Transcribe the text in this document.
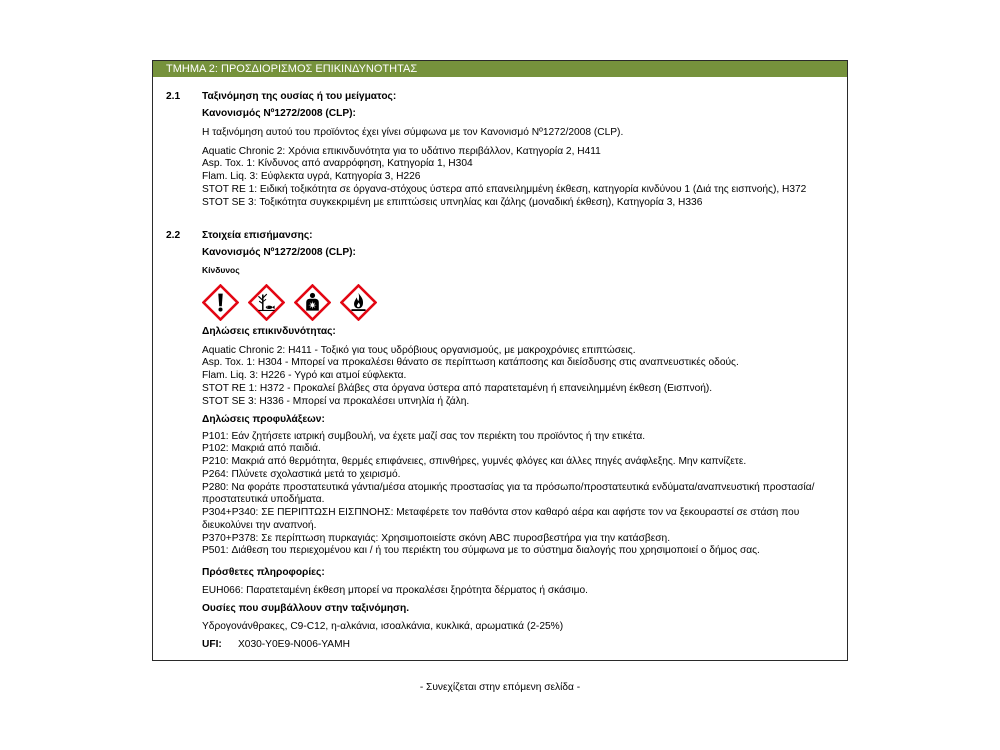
ΤΜΗΜΑ 2: ΠΡΟΣΔΙΟΡΙΣΜΟΣ ΕΠΙΚΙΝΔΥΝΟΤΗΤΑΣ
2.1 Ταξινόμηση της ουσίας ή του μείγματος:
Κανονισμός Nº1272/2008 (CLP):
Η ταξινόμηση αυτού του προϊόντος έχει γίνει σύμφωνα με τον Κανονισμό Nº1272/2008 (CLP).
Aquatic Chronic 2: Χρόνια επικινδυνότητα για το υδάτινο περιβάλλον, Κατηγορία 2, H411
Asp. Tox. 1: Κίνδυνος από αναρρόφηση, Κατηγορία 1, H304
Flam. Liq. 3: Εύφλεκτα υγρά, Κατηγορία 3, H226
STOT RE 1: Ειδική τοξικότητα σε όργανα-στόχους ύστερα από επανειλημμένη έκθεση, κατηγορία κινδύνου 1 (Διά της εισπνοής), H372
STOT SE 3: Τοξικότητα συγκεκριμένη με επιπτώσεις υπνηλίας και ζάλης (μοναδική έκθεση), Κατηγορία 3, H336
2.2 Στοιχεία επισήμανσης:
Κανονισμός Nº1272/2008 (CLP):
Κίνδυνος
Δηλώσεις επικινδυνότητας:
Aquatic Chronic 2: H411 - Τοξικό για τους υδρόβιους οργανισμούς, με μακροχρόνιες επιπτώσεις.
Asp. Tox. 1: H304 - Μπορεί να προκαλέσει θάνατο σε περίπτωση κατάποσης και διείσδυσης στις αναπνευστικές οδούς.
Flam. Liq. 3: H226 - Υγρό και ατμοί εύφλεκτα.
STOT RE 1: H372 - Προκαλεί βλάβες στα όργανα ύστερα από παρατεταμένη ή επανειλημμένη έκθεση (Εισπνοή).
STOT SE 3: H336 - Μπορεί να προκαλέσει υπνηλία ή ζάλη.
Δηλώσεις προφυλάξεων:
P101: Εάν ζητήσετε ιατρική συμβουλή, να έχετε μαζί σας τον περιέκτη του προϊόντος ή την ετικέτα.
P102: Μακριά από παιδιά.
P210: Μακριά από θερμότητα, θερμές επιφάνειες, σπινθήρες, γυμνές φλόγες και άλλες πηγές ανάφλεξης. Μην καπνίζετε.
P264: Πλύνετε σχολαστικά μετά το χειρισμό.
P280: Να φοράτε προστατευτικά γάντια/μέσα ατομικής προστασίας για τα πρόσωπο/προστατευτικά ενδύματα/αναπνευστική προστασία/προστατευτικά υποδήματα.
P304+P340: ΣΕ ΠΕΡΙΠΤΩΣΗ ΕΙΣΠΝΟΗΣ: Μεταφέρετε τον παθόντα στον καθαρό αέρα και αφήστε τον να ξεκουραστεί σε στάση που διευκολύνει την αναπνοή.
P370+P378: Σε περίπτωση πυρκαγιάς: Χρησιμοποιείστε σκόνη ABC πυροσβεστήρα για την κατάσβεση.
P501: Διάθεση του περιεχομένου και / ή του περιέκτη του σύμφωνα με το σύστημα διαλογής που χρησιμοποιεί ο δήμος σας.
Πρόσθετες πληροφορίες:
EUH066: Παρατεταμένη έκθεση μπορεί να προκαλέσει ξηρότητα δέρματος ή σκάσιμο.
Ουσίες που συμβάλλουν στην ταξινόμηση.
Υδρογονάνθρακες, C9-C12, η-αλκάνια, ισοαλκάνια, κυκλικά, αρωματικά (2-25%)
UFI: X030-Y0E9-N006-YAMH
- Συνεχίζεται στην επόμενη σελίδα -
